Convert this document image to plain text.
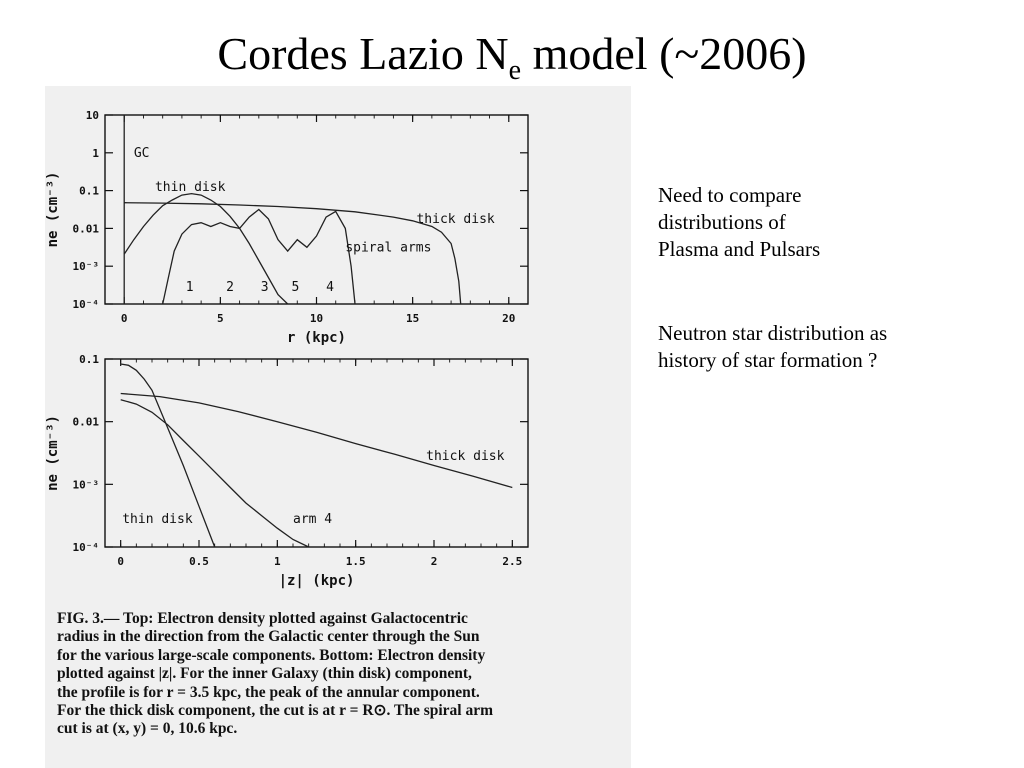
Cordes Lazio $N_e$ model (~2006)
0	5	10	15	20
10
1
0.1
0.01
10⁻³
10⁻⁴
r (kpc)
ne (cm⁻³)
GC
thin disk
thick disk
spiral arms
1	2 3 5 4
0	0.5	1	1.5	2	2.5
0.1
0.01
10⁻³
10⁻⁴
|z| (kpc)
ne (cm⁻³)
thin disk	arm 4
thick disk

FIG. 3.— Top: Electron density plotted against Galactocentric

radius in the direction from the Galactic center through the Sun

for the various large-scale components. Bottom: Electron density

plotted against |z|. For the inner Galaxy (thin disk) component,

the profile is for r = 3.5 kpc, the peak of the annular component.

For the thick disk component, the cut is at r = R⊙. The spiral arm

cut is at (x, y) = 0, 10.6 kpc.

Need to compare

distributions of

Plasma and Pulsars

Neutron star distribution as

history of star formation ?
